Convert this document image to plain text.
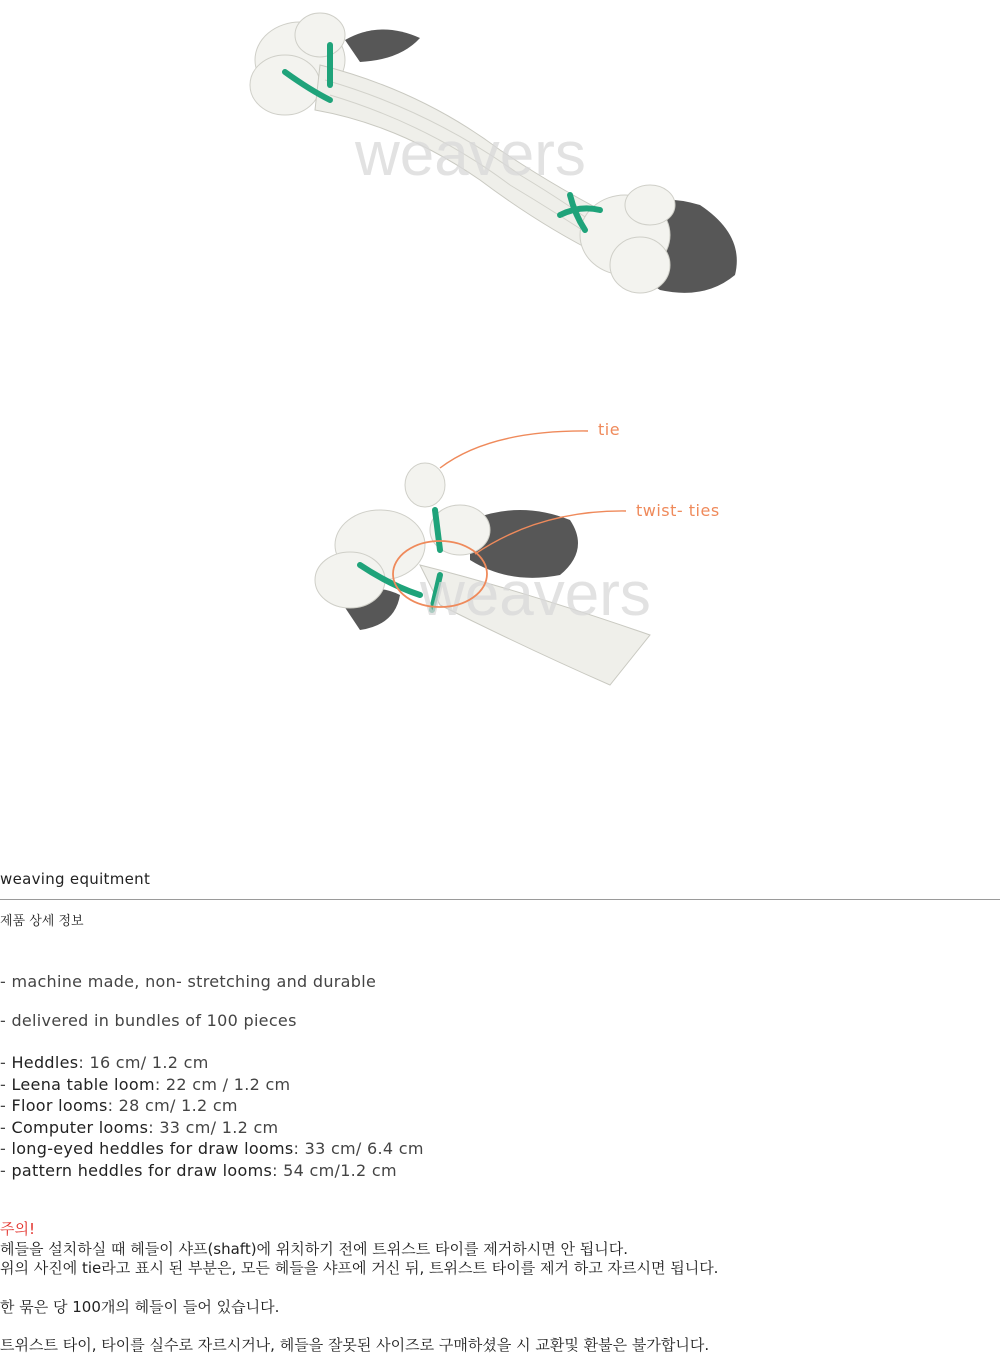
weavers
weavers
tie
twist- ties
weaving equitment
제품 상세 정보
- machine made, non- stretching and durable
- delivered in bundles of 100 pieces
- Heddles: 16 cm/ 1.2 cm
- Leena table loom: 22 cm / 1.2 cm
- Floor looms: 28 cm/ 1.2 cm
- Computer looms: 33 cm/ 1.2 cm
- long-eyed heddles for draw looms: 33 cm/ 6.4 cm
- pattern heddles for draw looms: 54 cm/1.2 cm
주의!
헤들을 설치하실 때 헤들이 샤프(shaft)에 위치하기 전에 트위스트 타이를 제거하시면 안 됩니다.
위의 사진에 tie라고 표시 된 부분은, 모든 헤들을 샤프에 거신 뒤, 트위스트 타이를 제거 하고 자르시면 됩니다.
한 묶은 당 100개의 헤들이 들어 있습니다.
트위스트 타이, 타이를 실수로 자르시거나, 헤들을 잘못된 사이즈로 구매하셨을 시 교환및 환불은 불가합니다.
